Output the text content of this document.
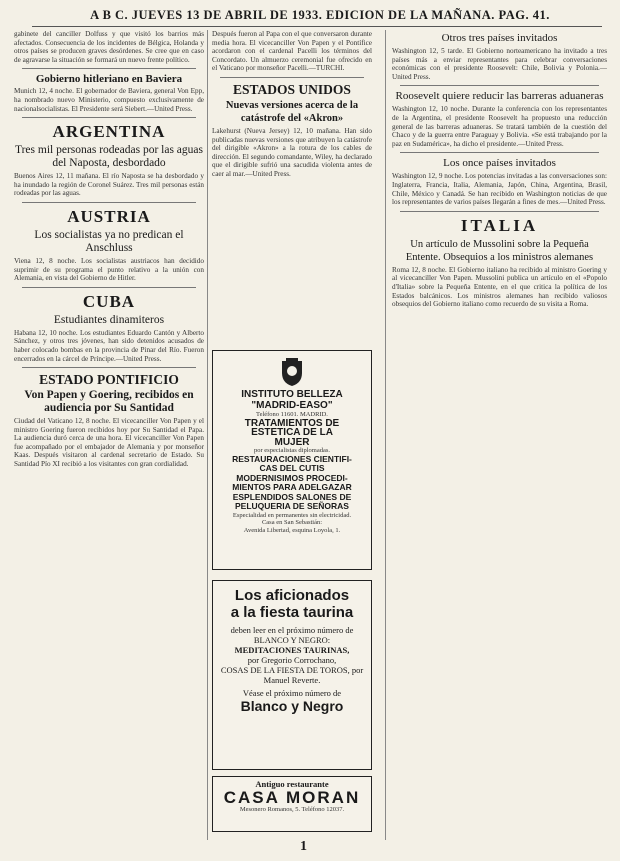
A B C. JUEVES 13 DE ABRIL DE 1933. EDICION DE LA MAÑANA. PAG. 41.

gabinete del canciller Dolfuss y que visitó los barrios más afectados. Consecuencia de los incidentes de Bélgica, Holanda y otros países se producen graves desórdenes. Se cree que en caso de agravarse la situación se formará un nuevo frente político.

Gobierno hitleriano en Baviera

Munich 12, 4 noche. El gobernador de Baviera, general Von Epp, ha nombrado nuevo Ministerio, compuesto exclusivamente de nacionalsocialistas. El Presidente será Siebert.—United Press.

ARGENTINA
Tres mil personas rodeadas por las aguas del Naposta, desbordado

Buenos Aires 12, 11 mañana. El río Naposta se ha desbordado y ha inundado la región de Coronel Suárez. Tres mil personas están rodeadas por las aguas.

AUSTRIA
Los socialistas ya no predican el Anschluss

Viena 12, 8 noche. Los socialistas austriacos han decidido suprimir de su programa el punto relativo a la unión con Alemania, en vista del Gobierno de Hitler.

CUBA
Estudiantes dinamiteros

Habana 12, 10 noche. Los estudiantes Eduardo Cantón y Alberto Sánchez, y otros tres jóvenes, han sido detenidos acusados de haber colocado bombas en la provincia de Pinar del Río. Fueron encerrados en la cárcel de Príncipe.—United Press.

ESTADO PONTIFICIO
Von Papen y Goering, recibidos en audiencia por Su Santidad

Ciudad del Vaticano 12, 8 noche. El vicecanciller Von Papen y el ministro Goering fueron recibidos hoy por Su Santidad el Papa. La audiencia duró cerca de una hora. El vicecanciller Von Papen fue acompañado por el embajador de Alemania y por monseñor Kaas. Después visitaron al cardenal secretario de Estado. Su Santidad Pío XI recibió a los visitantes con gran cordialidad.

Después fueron al Papa con el que conversaron durante media hora. El vicecanciller Von Papen y el Pontífice acordaron con el cardenal Pacelli los términos del Concordato. Un almuerzo ceremonial fue ofrecido en el Vaticano por monseñor Pacelli.—TURCHI.

ESTADOS UNIDOS
Nuevas versiones acerca de la catástrofe del «Akron»

Lakehurst (Nueva Jersey) 12, 10 mañana. Han sido publicadas nuevas versiones que atribuyen la catástrofe del dirigible «Akron» a la rotura de los cables de dirección. El segundo comandante, Wiley, ha declarado que el dirigible sufrió una sacudida violenta antes de caer al mar.—United Press.

INSTITUTO BELLEZA
"MADRID-EASO"
Teléfono 11601. MADRID.
TRATAMIENTOS DE
ESTETICA DE LA
MUJER
por especialistas diplomadas.
RESTAURACIONES CIENTIFI-
CAS DEL CUTIS
MODERNISIMOS PROCEDI-
MIENTOS PARA ADELGAZAR
ESPLENDIDOS SALONES DE
PELUQUERIA DE SEÑORAS
Especialidad en permanentes sin electricidad.
Casa en San Sebastián:
Avenida Libertad, esquina Loyola, 1.
Los aficionados
a la fiesta taurina
deben leer en el próximo número de BLANCO Y NEGRO:
MEDITACIONES TAURINAS,
por Gregorio Corrochano,
COSAS DE LA FIESTA DE TOROS, por Manuel Reverte.
Véase el próximo número de
Blanco y Negro
Antiguo restaurante
CASA MORAN
Mesonero Romanos, 5. Teléfono 12037.
Otros tres países invitados

Washington 12, 5 tarde. El Gobierno norteamericano ha invitado a tres países más a enviar representantes para celebrar conversaciones económicas con el presidente Roosevelt: Chile, Bolivia y Polonia.—United Press.

Roosevelt quiere reducir las barreras aduaneras

Washington 12, 10 noche. Durante la conferencia con los representantes de la Argentina, el presidente Roosevelt ha propuesto una reducción general de las barreras aduaneras. Se tratará también de la cuestión del Chaco y de la guerra entre Paraguay y Bolivia. «Se está trabajando por la paz en Sudamérica», ha dicho el presidente.—United Press.

Los once países invitados

Washington 12, 9 noche. Los potencias invitadas a las conversaciones son: Inglaterra, Francia, Italia, Alemania, Japón, China, Argentina, Brasil, Chile, México y Canadá. Se han recibido en Washington noticias de que los representantes de varios países llegarán a fines de mes.—United Press.

ITALIA
Un artículo de Mussolini sobre la Pequeña Entente. Obsequios a los ministros alemanes

Roma 12, 8 noche. El Gobierno italiano ha recibido al ministro Goering y al vicecanciller Von Papen. Mussolini publica un artículo en el «Popolo d'Italia» sobre la Pequeña Entente, en el que critica la política de los Estados balcánicos. Los ministros alemanes han recibido valiosos obsequios del Gobierno italiano como recuerdo de su visita a Roma.

1
